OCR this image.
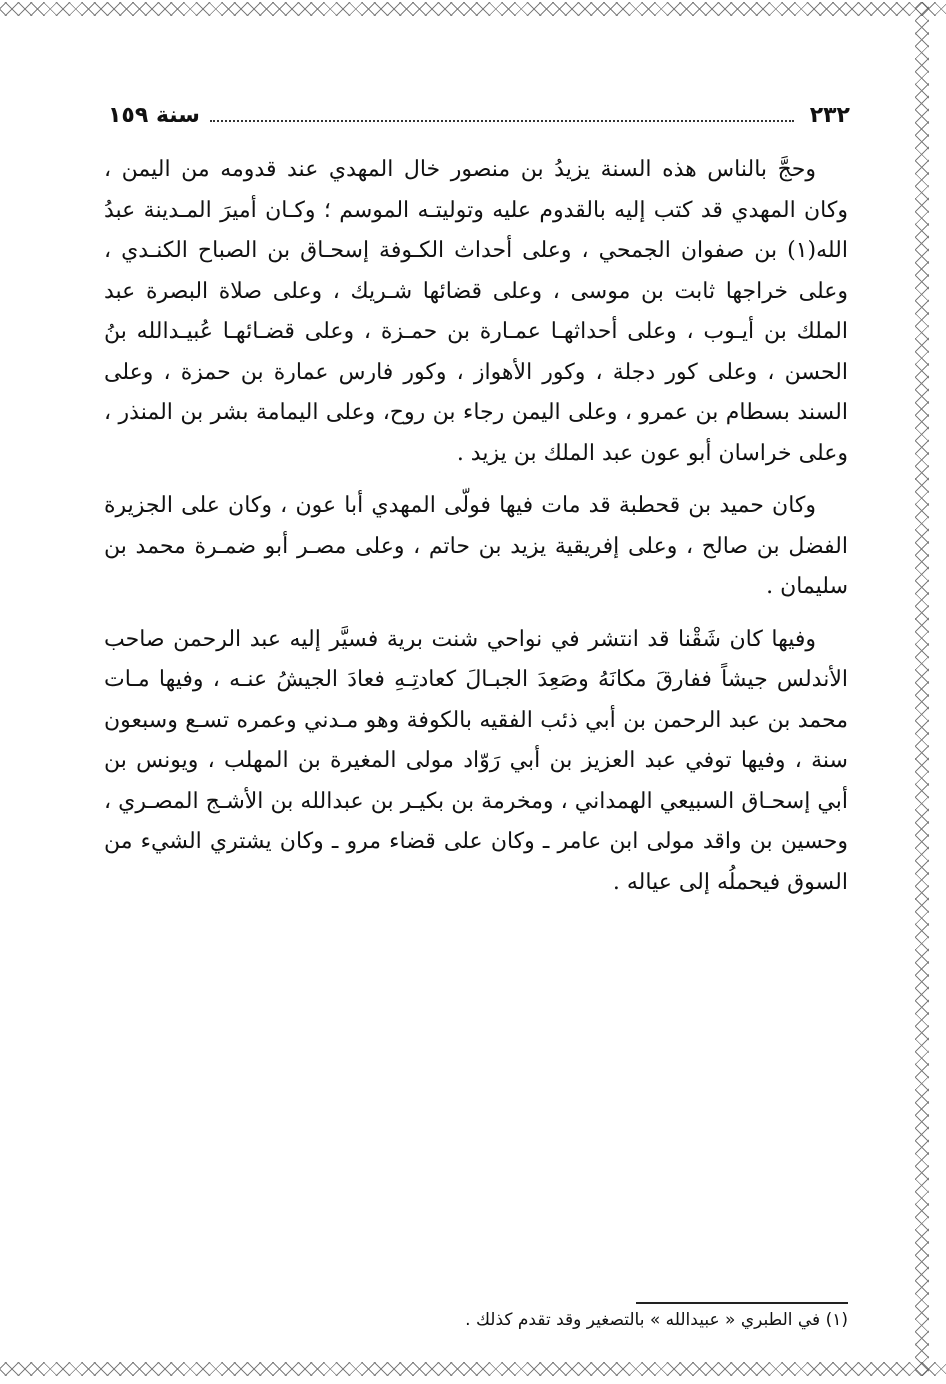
٢٣٢
سنة ١٥٩

وحجَّ بالناس هذه السنة يزيدُ بن منصور خال المهدي عند قدومه من اليمن ، وكان المهدي قد كتب إليه بالقدوم عليه وتوليتـه الموسم ؛ وكـان أميرَ المـدينة عبدُ الله(١) بن صفوان الجمحي ، وعلى أحداث الكـوفة إسحـاق بن الصباح الكنـدي ، وعلى خراجها ثابت بن موسى ، وعلى قضائها شـريك ، وعلى صلاة البصرة عبد الملك بن أيـوب ، وعلى أحداثهـا عمـارة بن حمـزة ، وعلى قضـائهـا عُبيـدالله بنُ الحسن ، وعلى كور دجلة ، وكور الأهواز ، وكور فارس عمارة بن حمزة ، وعلى السند بسطام بن عمرو ، وعلى اليمن رجاء بن روح، وعلى اليمامة بشر بن المنذر ، وعلى خراسان أبو عون عبد الملك بن يزيد .

وكان حميد بن قحطبة قد مات فيها فولّى المهدي أبا عون ، وكان على الجزيرة الفضل بن صالح ، وعلى إفريقية يزيد بن حاتم ، وعلى مصـر أبو ضمـرة محمد بن سليمان .

وفيها كان شَقْنا قد انتشر في نواحي شنت برية فسيَّر إليه عبد الرحمن صاحب الأندلس جيشاً ففارقَ مكانَهُ وصَعِدَ الجبـالَ كعادتِـهِ فعادَ الجيشُ عنـه ، وفيها مـات محمد بن عبد الرحمن بن أبي ذئب الفقيه بالكوفة وهو مـدني وعمره تسـع وسبعون سنة ، وفيها توفي عبد العزيز بن أبي رَوّاد مولى المغيرة بن المهلب ، ويونس بن أبي إسحـاق السبيعي الهمداني ، ومخرمة بن بكيـر بن عبدالله بن الأشـج المصـري ، وحسين بن واقد مولى ابن عامر ـ وكان على قضاء مرو ـ وكان يشتري الشيء من السوق فيحملُه إلى عياله .

(١) في الطبري « عبيدالله » بالتصغير وقد تقدم كذلك .
